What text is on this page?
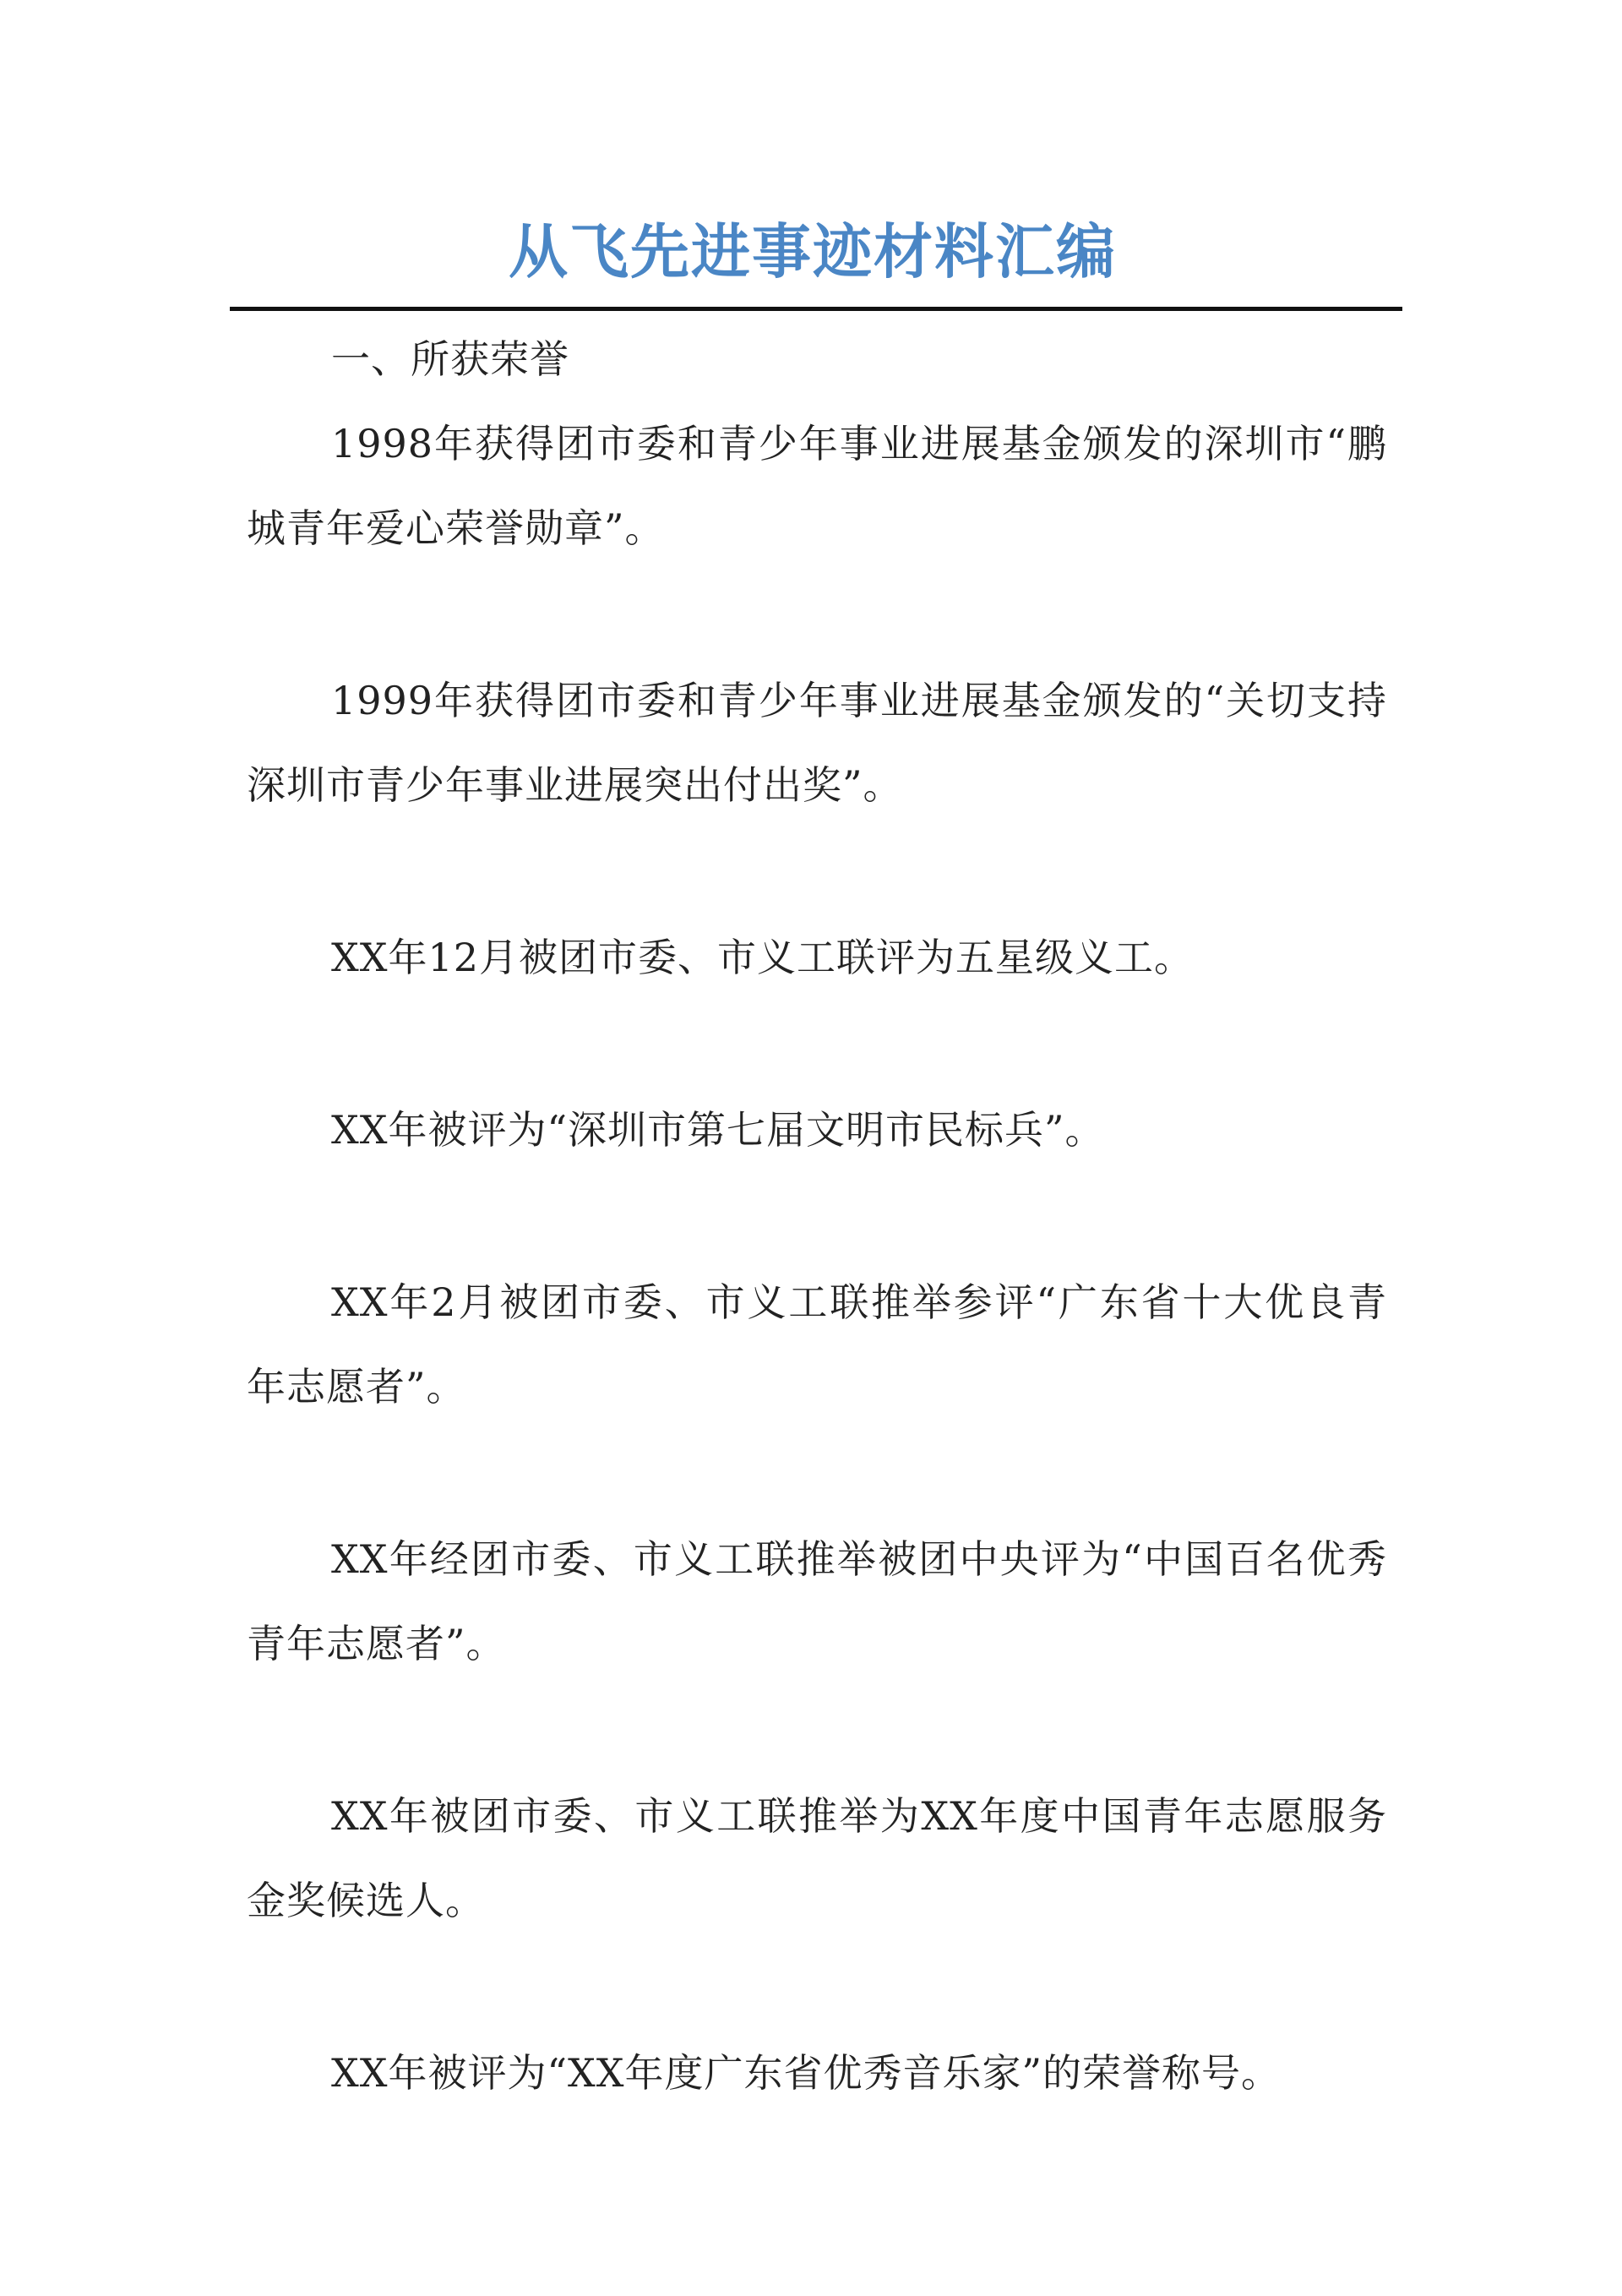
从飞先进事迹材料汇编
一、所获荣誉
1998年获得团市委和青少年事业进展基金颁发的深圳市“鹏城青年爱心荣誉勋章”。
1999年获得团市委和青少年事业进展基金颁发的“关切支持深圳市青少年事业进展突出付出奖”。
XX年12月被团市委、市义工联评为五星级义工。
XX年被评为“深圳市第七届文明市民标兵”。
XX年2月被团市委、市义工联推举参评“广东省十大优良青年志愿者”。
XX年经团市委、市义工联推举被团中央评为“中国百名优秀青年志愿者”。
XX年被团市委、市义工联推举为XX年度中国青年志愿服务金奖候选人。
XX年被评为“XX年度广东省优秀音乐家”的荣誉称号。
